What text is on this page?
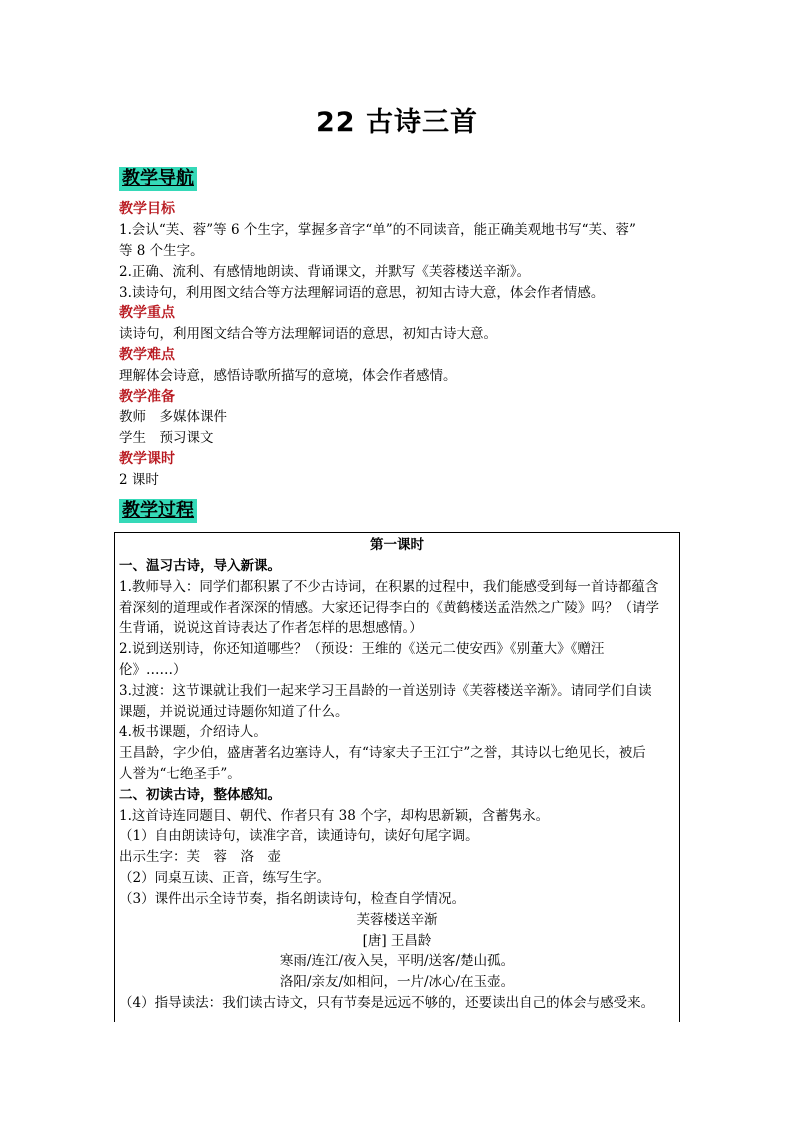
22 古诗三首
教学导航
教学目标
1.会认“芙、蓉”等 6 个生字，掌握多音字“单”的不同读音，能正确美观地书写“芙、蓉”
等 8 个生字。
2.正确、流利、有感情地朗读、背诵课文，并默写《芙蓉楼送辛渐》。
3.读诗句，利用图文结合等方法理解词语的意思，初知古诗大意，体会作者情感。
教学重点
读诗句，利用图文结合等方法理解词语的意思，初知古诗大意。
教学难点
理解体会诗意，感悟诗歌所描写的意境，体会作者感情。
教学准备
教师　多媒体课件
学生　预习课文
教学课时
2 课时
教学过程
第一课时
一、温习古诗，导入新课。
1.教师导入：同学们都积累了不少古诗词，在积累的过程中，我们能感受到每一首诗都蕴含
着深刻的道理或作者深深的情感。大家还记得李白的《黄鹤楼送孟浩然之广陵》吗？（请学
生背诵，说说这首诗表达了作者怎样的思想感情。）
2.说到送别诗，你还知道哪些？（预设：王维的《送元二使安西》《别董大》《赠汪
伦》……）
3.过渡：这节课就让我们一起来学习王昌龄的一首送别诗《芙蓉楼送辛渐》。请同学们自读
课题，并说说通过诗题你知道了什么。
4.板书课题，介绍诗人。
王昌龄，字少伯，盛唐著名边塞诗人，有“诗家夫子王江宁”之誉，其诗以七绝见长，被后
人誉为“七绝圣手”。
二、初读古诗，整体感知。
1.这首诗连同题目、朝代、作者只有 38 个字，却构思新颖，含蓄隽永。
（1）自由朗读诗句，读准字音，读通诗句，读好句尾字调。
出示生字：芙　蓉　洛　壶
（2）同桌互读、正音，练写生字。
（3）课件出示全诗节奏，指名朗读诗句，检查自学情况。
芙蓉楼送辛渐
[唐] 王昌龄
寒雨/连江/夜入吴，平明/送客/楚山孤。
洛阳/亲友/如相问，一片/冰心/在玉壶。
（4）指导读法：我们读古诗文，只有节奏是远远不够的，还要读出自己的体会与感受来。
